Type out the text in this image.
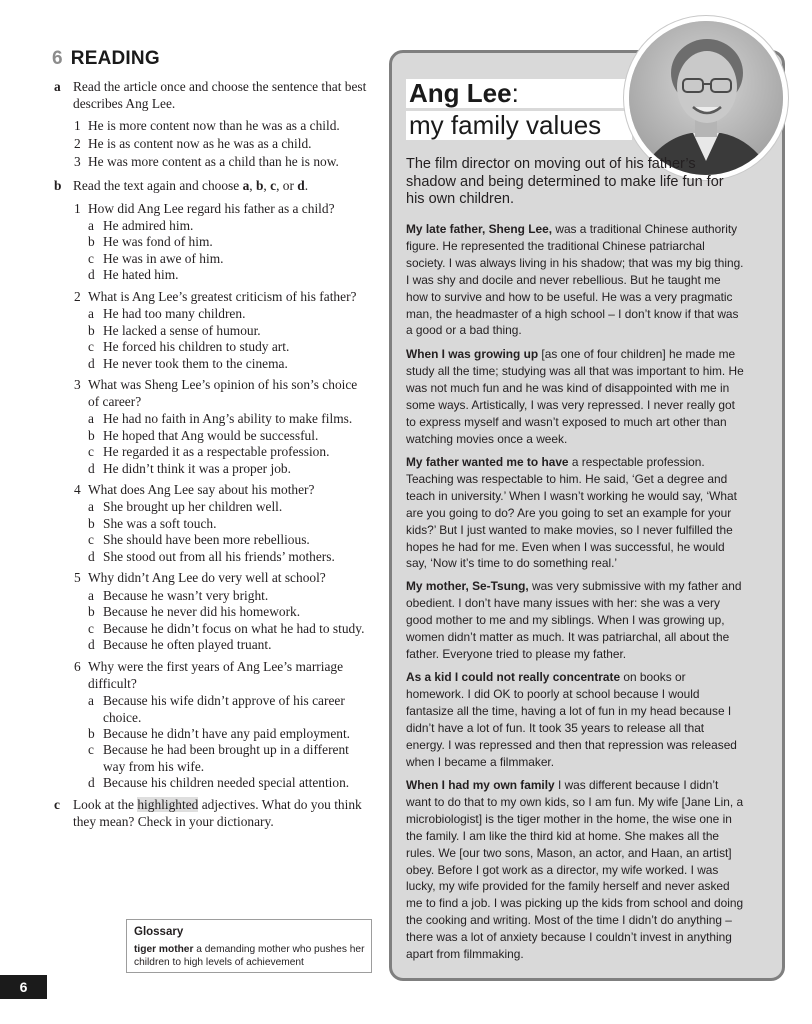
6 READING
a Read the article once and choose the sentence that best describes Ang Lee.
1 He is more content now than he was as a child.
2 He is as content now as he was as a child.
3 He was more content as a child than he is now.
b Read the text again and choose a, b, c, or d.
1 How did Ang Lee regard his father as a child?
a He admired him.
b He was fond of him.
c He was in awe of him.
d He hated him.
2 What is Ang Lee’s greatest criticism of his father?
a He had too many children.
b He lacked a sense of humour.
c He forced his children to study art.
d He never took them to the cinema.
3 What was Sheng Lee’s opinion of his son’s choice of career?
a He had no faith in Ang’s ability to make films.
b He hoped that Ang would be successful.
c He regarded it as a respectable profession.
d He didn’t think it was a proper job.
4 What does Ang Lee say about his mother?
a She brought up her children well.
b She was a soft touch.
c She should have been more rebellious.
d She stood out from all his friends’ mothers.
5 Why didn’t Ang Lee do very well at school?
a Because he wasn’t very bright.
b Because he never did his homework.
c Because he didn’t focus on what he had to study.
d Because he often played truant.
6 Why were the first years of Ang Lee’s marriage difficult?
a Because his wife didn’t approve of his career choice.
b Because he didn’t have any paid employment.
c Because he had been brought up in a different way from his wife.
d Because his children needed special attention.
c Look at the highlighted adjectives. What do you think they mean? Check in your dictionary.
Glossary
tiger mother a demanding mother who pushes her children to high levels of achievement
6
Ang Lee:
my family values
The film director on moving out of his father’s shadow and being determined to make life fun for his own children.
My late father, Sheng Lee, was a traditional Chinese authority figure. He represented the traditional Chinese patriarchal society. I was always living in his shadow; that was my big thing. I was shy and docile and never rebellious. But he taught me how to survive and how to be useful. He was a very pragmatic man, the headmaster of a high school – I don’t know if that was a good or a bad thing.
When I was growing up [as one of four children] he made me study all the time; studying was all that was important to him. He was not much fun and he was kind of disappointed with me in some ways. Artistically, I was very repressed. I never really got to express myself and wasn’t exposed to much art other than watching movies once a week.
My father wanted me to have a respectable profession. Teaching was respectable to him. He said, ‘Get a degree and teach in university.’ When I wasn’t working he would say, ‘What are you going to do? Are you going to set an example for your kids?’ But I just wanted to make movies, so I never fulfilled the hopes he had for me. Even when I was successful, he would say, ‘Now it’s time to do something real.’
My mother, Se-Tsung, was very submissive with my father and obedient. I don’t have many issues with her: she was a very good mother to me and my siblings. When I was growing up, women didn’t matter as much. It was patriarchal, all about the father. Everyone tried to please my father.
As a kid I could not really concentrate on books or homework. I did OK to poorly at school because I would fantasize all the time, having a lot of fun in my head because I didn’t have a lot of fun. It took 35 years to release all that energy. I was repressed and then that repression was released when I became a filmmaker.
When I had my own family I was different because I didn’t want to do that to my own kids, so I am fun. My wife [Jane Lin, a microbiologist] is the tiger mother in the home, the wise one in the family. I am like the third kid at home. She makes all the rules. We [our two sons, Mason, an actor, and Haan, an artist] obey. Before I got work as a director, my wife worked. I was lucky, my wife provided for the family herself and never asked me to find a job. I was picking up the kids from school and doing the cooking and writing. Most of the time I didn’t do anything – there was a lot of anxiety because I couldn’t invest in anything apart from filmmaking.
